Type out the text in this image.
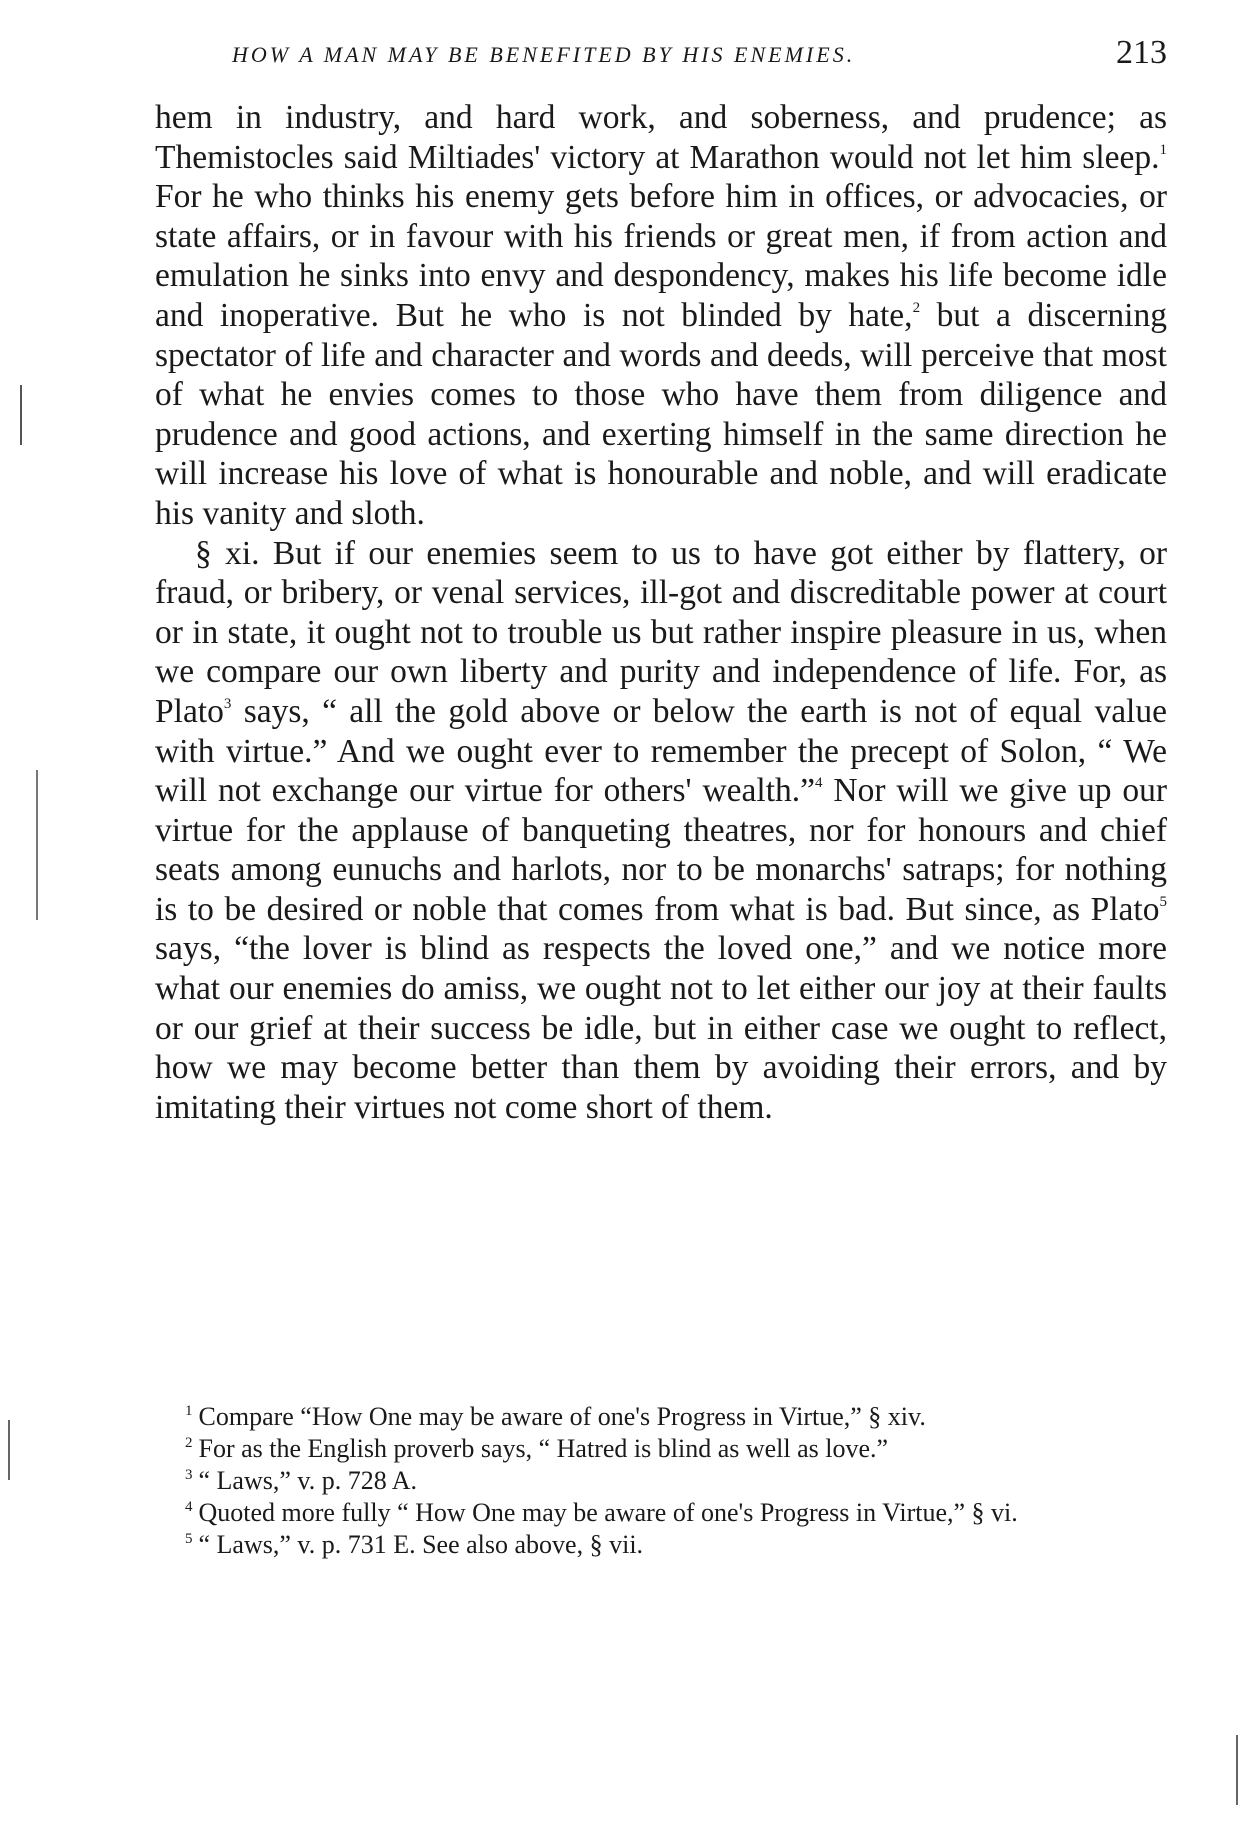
HOW A MAN MAY BE BENEFITED BY HIS ENEMIES.	213

hem in industry, and hard work, and soberness, and prudence; as Themistocles said Miltiades' victory at Marathon would not let him sleep.$^1$ For he who thinks his enemy gets before him in offices, or advocacies, or state affairs, or in favour with his friends or great men, if from action and emulation he sinks into envy and despondency, makes his life become idle and inoperative. But he who is not blinded by hate,$^2$ but a discerning spectator of life and character and words and deeds, will perceive that most of what he envies comes to those who have them from diligence and prudence and good actions, and exerting himself in the same direction he will increase his love of what is honourable and noble, and will eradicate his vanity and sloth.

§ xi. But if our enemies seem to us to have got either by flattery, or fraud, or bribery, or venal services, ill-got and discreditable power at court or in state, it ought not to trouble us but rather inspire pleasure in us, when we compare our own liberty and purity and independence of life. For, as Plato$^3$ says, “ all the gold above or below the earth is not of equal value with virtue.” And we ought ever to remember the precept of Solon, “ We will not exchange our virtue for others' wealth.”$^4$ Nor will we give up our virtue for the applause of banqueting theatres, nor for honours and chief seats among eunuchs and harlots, nor to be monarchs' satraps; for nothing is to be desired or noble that comes from what is bad. But since, as Plato$^5$ says, “the lover is blind as respects the loved one,” and we notice more what our enemies do amiss, we ought not to let either our joy at their faults or our grief at their success be idle, but in either case we ought to reflect, how we may become better than them by avoiding their errors, and by imitating their virtues not come short of them.

$^1$ Compare “How One may be aware of one's Progress in Virtue,” § xiv.

$^2$ For as the English proverb says, “ Hatred is blind as well as love.”

$^3$ “ Laws,” v. p. 728 A.

$^4$ Quoted more fully “ How One may be aware of one's Progress in Virtue,” § vi.

$^5$ “ Laws,” v. p. 731 E. See also above, § vii.
